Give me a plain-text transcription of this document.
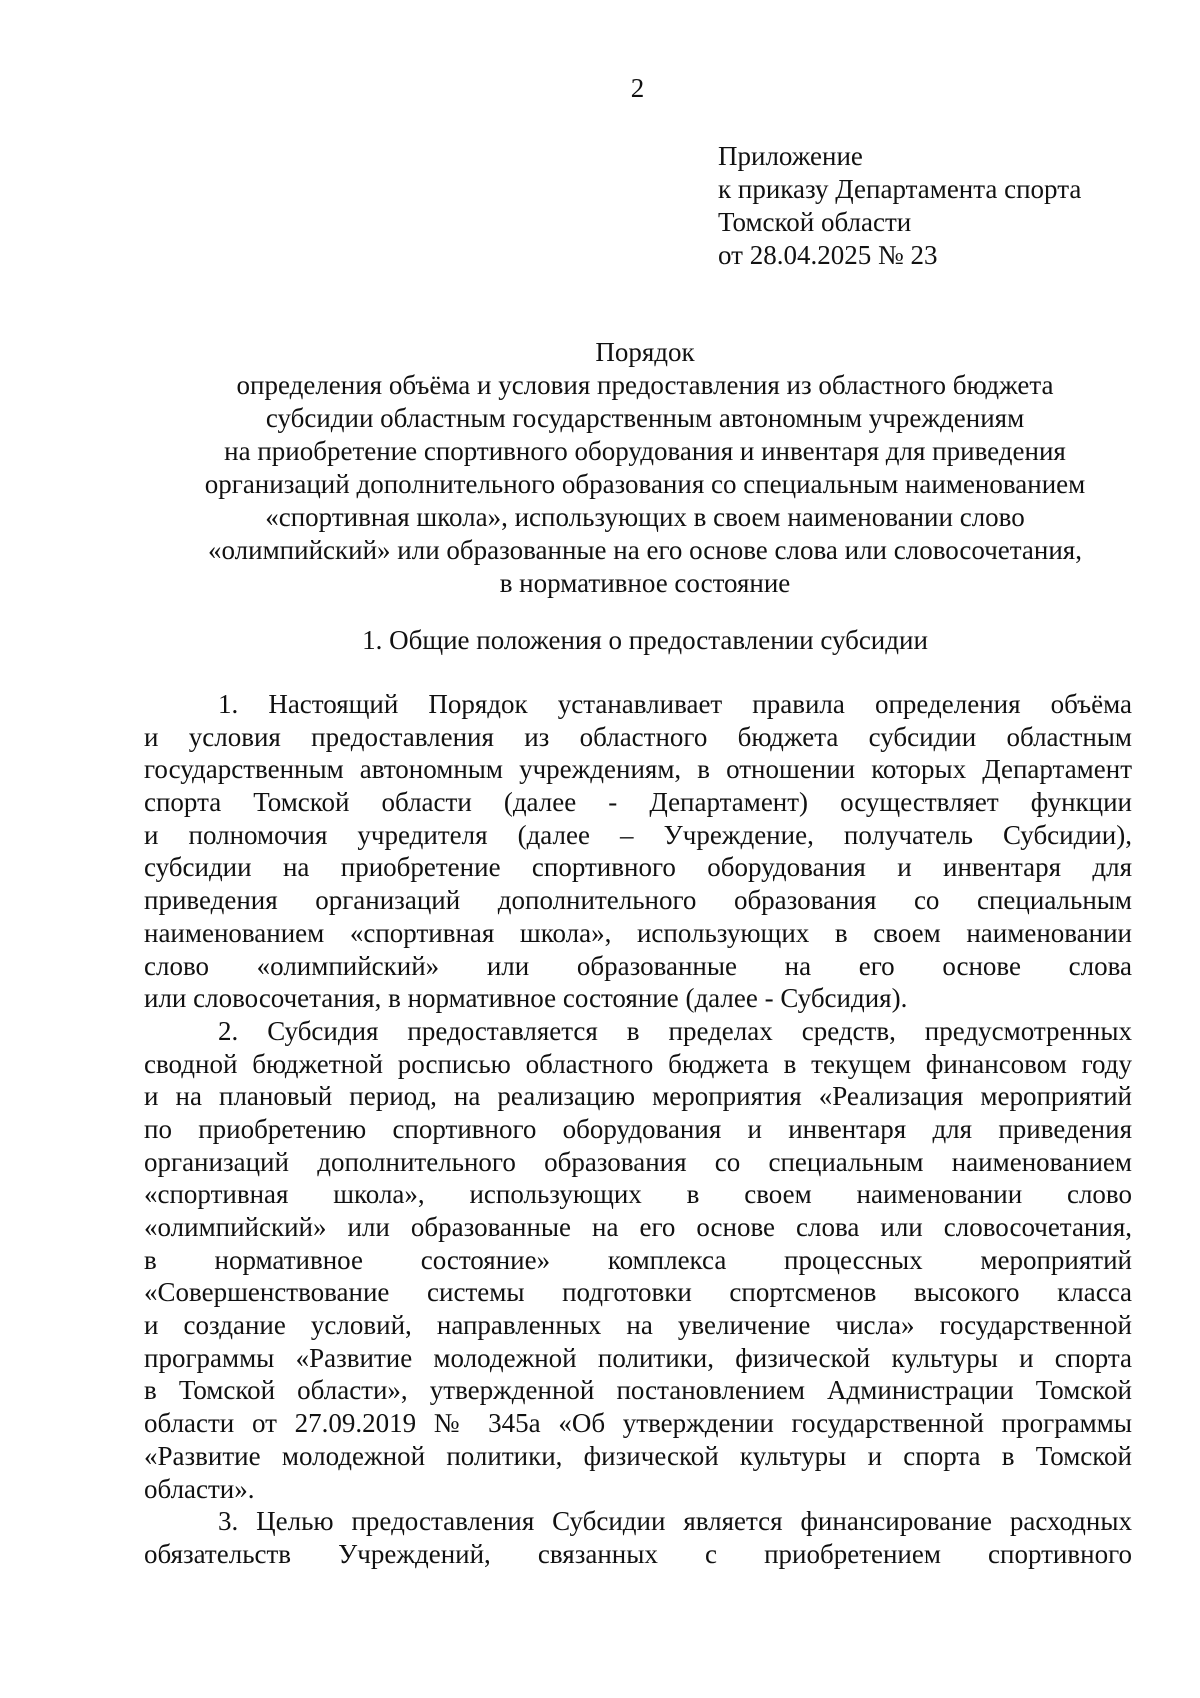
2
Приложение
к приказу Департамента спорта
Томской области
от 28.04.2025 № 23
Порядок
определения объёма и условия предоставления из областного бюджета
субсидии областным государственным автономным учреждениям
на приобретение спортивного оборудования и инвентаря для приведения
организаций дополнительного образования со специальным наименованием
«спортивная школа», использующих в своем наименовании слово
«олимпийский» или образованные на его основе слова или словосочетания,
в нормативное состояние
1. Общие положения о предоставлении субсидии
1. Настоящий Порядок устанавливает правила определения объёма
и условия предоставления из областного бюджета субсидии областным
государственным автономным учреждениям, в отношении которых Департамент
спорта Томской области (далее - Департамент) осуществляет функции
и полномочия учредителя (далее – Учреждение, получатель Субсидии),
субсидии на приобретение спортивного оборудования и инвентаря для
приведения организаций дополнительного образования со специальным
наименованием «спортивная школа», использующих в своем наименовании
слово «олимпийский» или образованные на его основе слова
или словосочетания, в нормативное состояние (далее - Субсидия).
2. Субсидия предоставляется в пределах средств, предусмотренных
сводной бюджетной росписью областного бюджета в текущем финансовом году
и на плановый период, на реализацию мероприятия «Реализация мероприятий
по приобретению спортивного оборудования и инвентаря для приведения
организаций дополнительного образования со специальным наименованием
«спортивная школа», использующих в своем наименовании слово
«олимпийский» или образованные на его основе слова или словосочетания,
в нормативное состояние» комплекса процессных мероприятий
«Совершенствование системы подготовки спортсменов высокого класса
и создание условий, направленных на увеличение числа» государственной
программы «Развитие молодежной политики, физической культуры и спорта
в Томской области», утвержденной постановлением Администрации Томской
области от 27.09.2019 № 345а «Об утверждении государственной программы
«Развитие молодежной политики, физической культуры и спорта в Томской
области».
3. Целью предоставления Субсидии является финансирование расходных
обязательств Учреждений, связанных с приобретением спортивного
